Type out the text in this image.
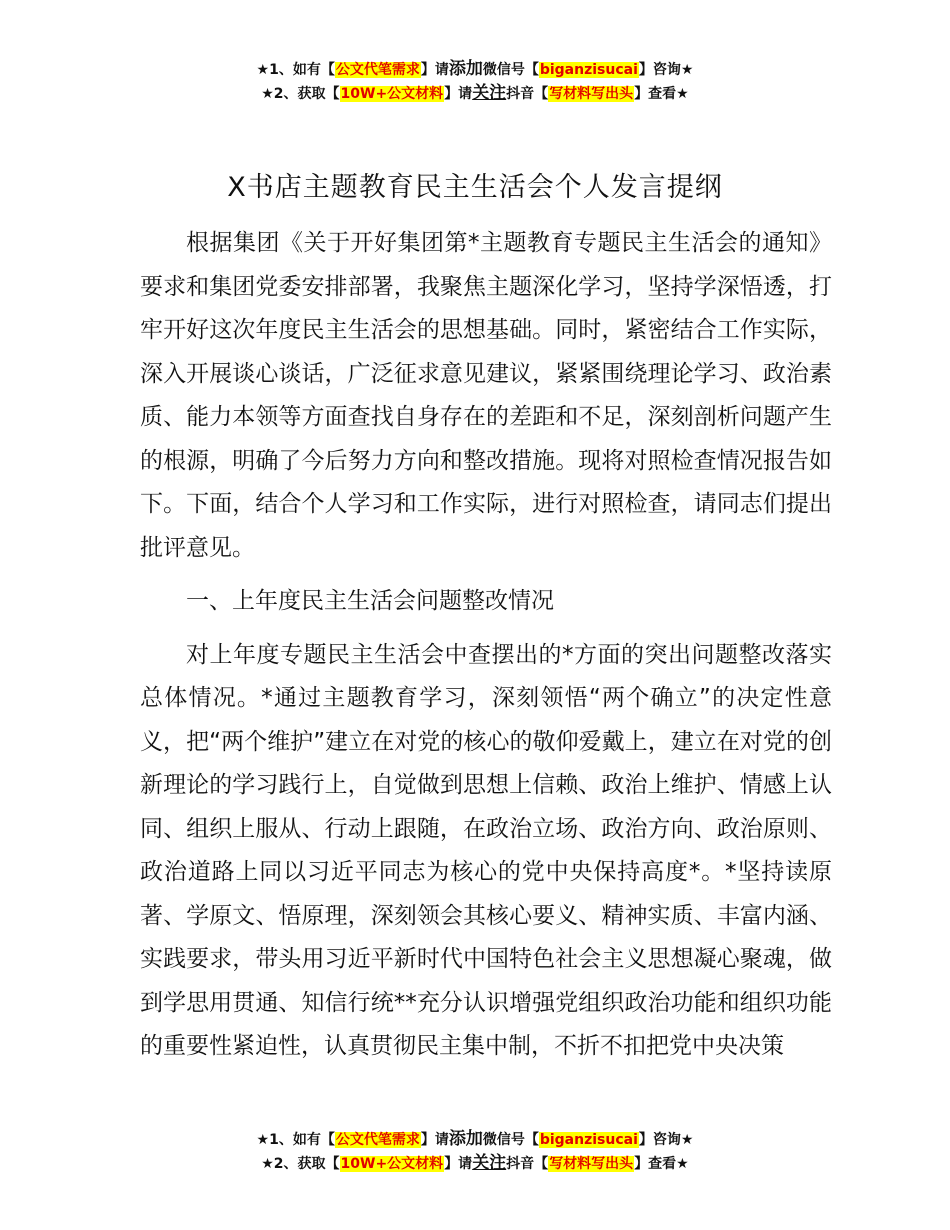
★1、如有【公文代笔需求】请添加微信号【biganzisucai】咨询★
★2、获取【10W+公文材料】请关注抖音【写材料写出头】查看★
X书店主题教育民主生活会个人发言提纲

根据集团《关于开好集团第*主题教育专题民主生活会的通知》要求和集团党委安排部署，我聚焦主题深化学习，坚持学深悟透，打牢开好这次年度民主生活会的思想基础。同时，紧密结合工作实际，深入开展谈心谈话，广泛征求意见建议，紧紧围绕理论学习、政治素质、能力本领等方面查找自身存在的差距和不足，深刻剖析问题产生的根源，明确了今后努力方向和整改措施。现将对照检查情况报告如下。下面，结合个人学习和工作实际，进行对照检查，请同志们提出批评意见。

一、上年度民主生活会问题整改情况

对上年度专题民主生活会中查摆出的*方面的突出问题整改落实总体情况。*通过主题教育学习，深刻领悟“两个确立”的决定性意义，把“两个维护”建立在对党的核心的敬仰爱戴上，建立在对党的创新理论的学习践行上，自觉做到思想上信赖、政治上维护、情感上认同、组织上服从、行动上跟随，在政治立场、政治方向、政治原则、政治道路上同以习近平同志为核心的党中央保持高度*。*坚持读原著、学原文、悟原理，深刻领会其核心要义、精神实质、丰富内涵、实践要求，带头用习近平新时代中国特色社会主义思想凝心聚魂，做到学思用贯通、知信行统**充分认识增强党组织政治功能和组织功能的重要性紧迫性，认真贯彻民主集中制，不折不扣把党中央决策

★1、如有【公文代笔需求】请添加微信号【biganzisucai】咨询★
★2、获取【10W+公文材料】请关注抖音【写材料写出头】查看★
